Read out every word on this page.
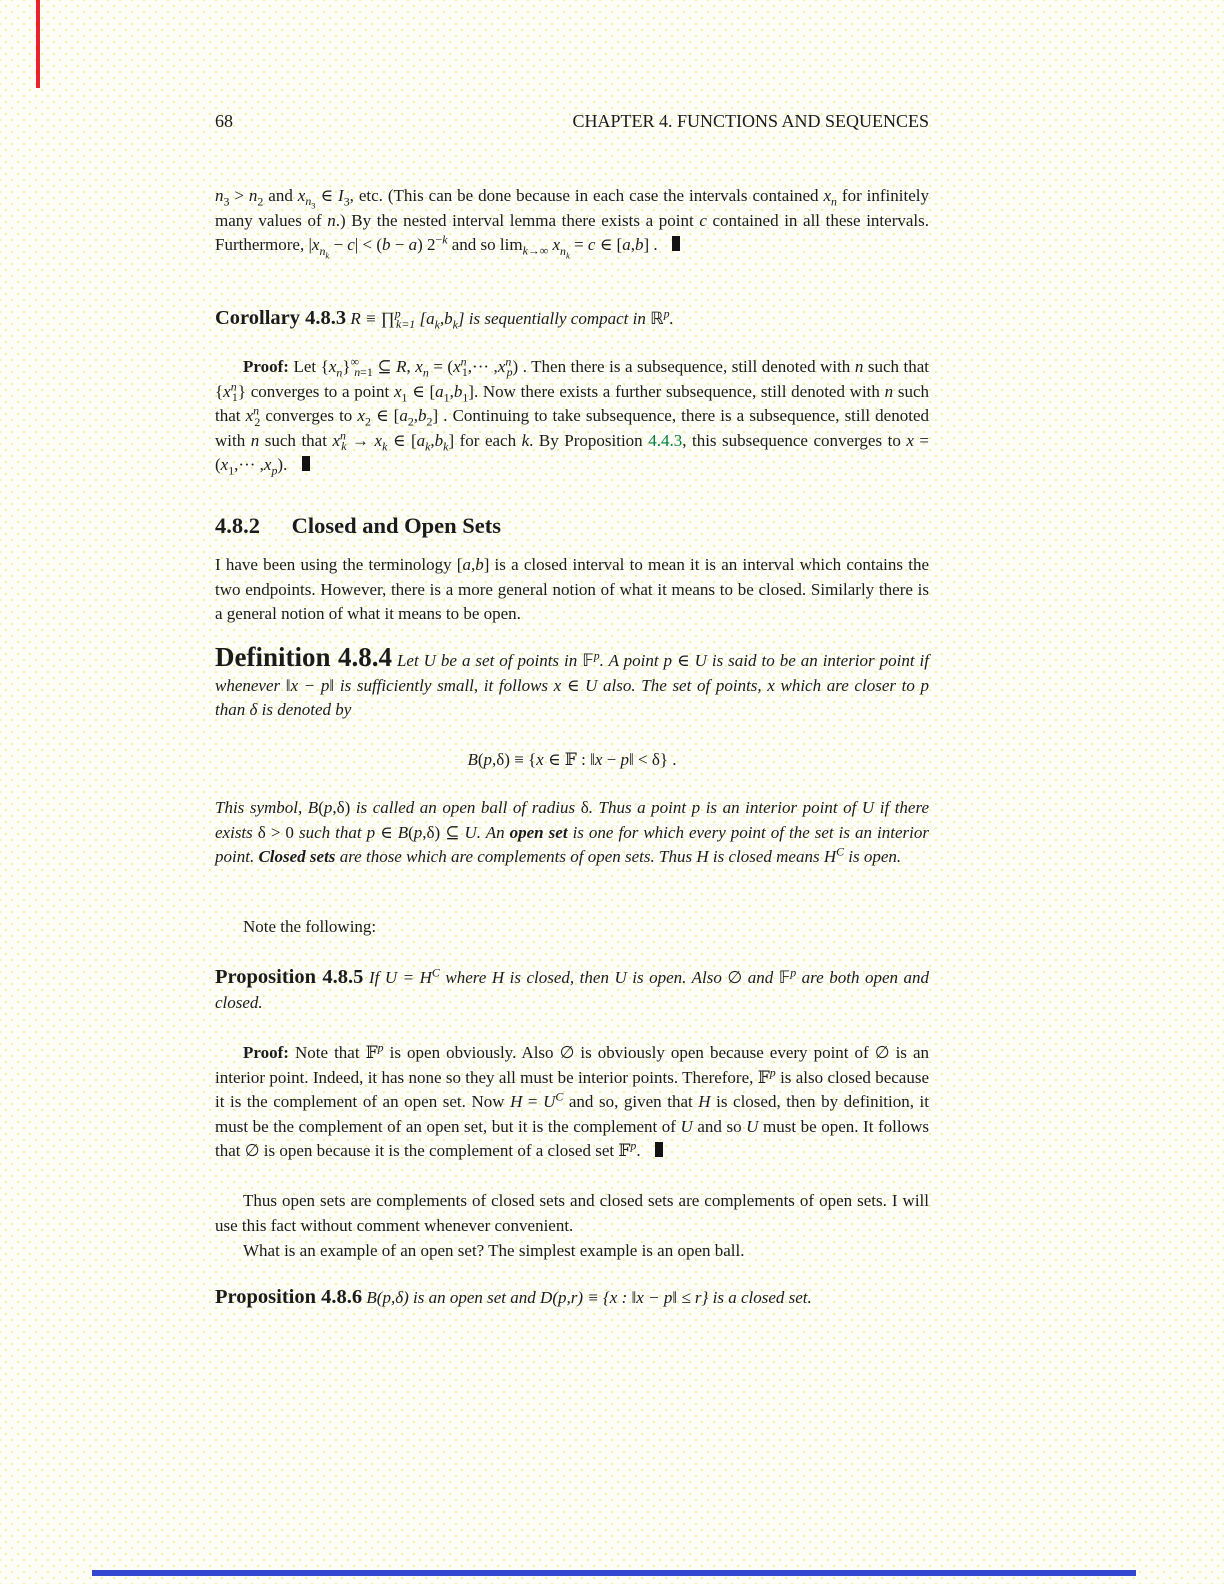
68	CHAPTER 4. FUNCTIONS AND SEQUENCES

$n_3 > n_2$ and $x_{n_3}$ ∈ $I_3$, etc. (This can be done because in each case the intervals contained $x_n$ for infinitely many values of n.) By the nested interval lemma there exists a point c contained in all these intervals. Furthermore, $|x_{n_k} - c| < (b - a)$ $2^{-k}$ and so $\lim_{k\to\infty} x_{n_k} = c$ ∈ [a,b] .

Corollary 4.8.3 R ≡ ∏$^p_{k=1}$ $[a_k,b_k]$ is sequentially compact in ℝ$^p$.

Proof: Let $\{x_n\}^\infty_{n=1}$ ⊆ R, $x_n = (x^n_1,\cdot\cdot\cdot ,x^n_p)$ . Then there is a subsequence, still denoted with n such that $\{x^n_1\}$ converges to a point $x_1$ ∈ $[a_1,b_1]$. Now there exists a further subsequence, still denoted with n such that $x^n_2$ converges to $x_2$ ∈ $[a_2,b_2]$ . Continuing to take subsequence, there is a subsequence, still denoted with n such that $x^n_k \to x_k$ ∈ $[a_k,b_k]$ for each k. By Proposition 4.4.3, this subsequence converges to $x = (x_1,\cdot\cdot\cdot ,x_p)$.

4.8.2 Closed and Open Sets

I have been using the terminology [a,b] is a closed interval to mean it is an interval which contains the two endpoints. However, there is a more general notion of what it means to be closed. Similarly there is a general notion of what it means to be open.

Definition 4.8.4 Let U be a set of points in 𝔽$^p$. A point p ∈ U is said to be an interior point if whenever ‖x − p‖ is sufficiently small, it follows x ∈ U also. The set of points, x which are closer to p than δ is denoted by

B(p,δ) ≡ {x ∈ 𝔽 : ‖x − p‖ < δ} .

This symbol, B(p,δ) is called an open ball of radius δ. Thus a point p is an interior point of U if there exists δ > 0 such that p ∈ B(p,δ) ⊆ U. An open set is one for which every point of the set is an interior point. Closed sets are those which are complements of open sets. Thus H is closed means $H^C$ is open.

Note the following:

Proposition 4.8.5 If $U = H^C$ where H is closed, then U is open. Also ∅ and 𝔽$^p$ are both open and closed.

Proof: Note that 𝔽$^p$ is open obviously. Also ∅ is obviously open because every point of ∅ is an interior point. Indeed, it has none so they all must be interior points. Therefore, 𝔽$^p$ is also closed because it is the complement of an open set. Now $H = U^C$ and so, given that H is closed, then by definition, it must be the complement of an open set, but it is the complement of U and so U must be open. It follows that ∅ is open because it is the complement of a closed set 𝔽$^p$.

Thus open sets are complements of closed sets and closed sets are complements of open sets. I will use this fact without comment whenever convenient.

What is an example of an open set? The simplest example is an open ball.

Proposition 4.8.6 B(p,δ) is an open set and D(p,r) ≡ {x : ‖x − p‖ ≤ r} is a closed set.
